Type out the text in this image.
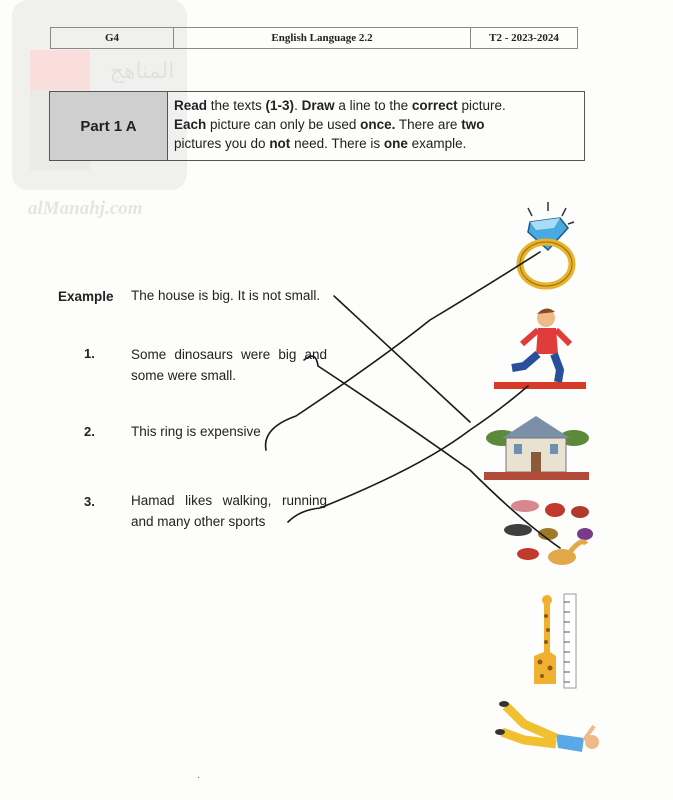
المناهج
alManahj.com
G4	English Language 2.2	T2 - 2023-2024
Part 1 A
Read the texts (1-3). Draw a line to the correct picture.
Each picture can only be used once. There are two
pictures you do not need. There is one example.
Example The house is big. It is not small.
1.	Some dinosaurs were big and some were small.
2.	This ring is expensive
3.	Hamad likes walking, running and many other sports
·
